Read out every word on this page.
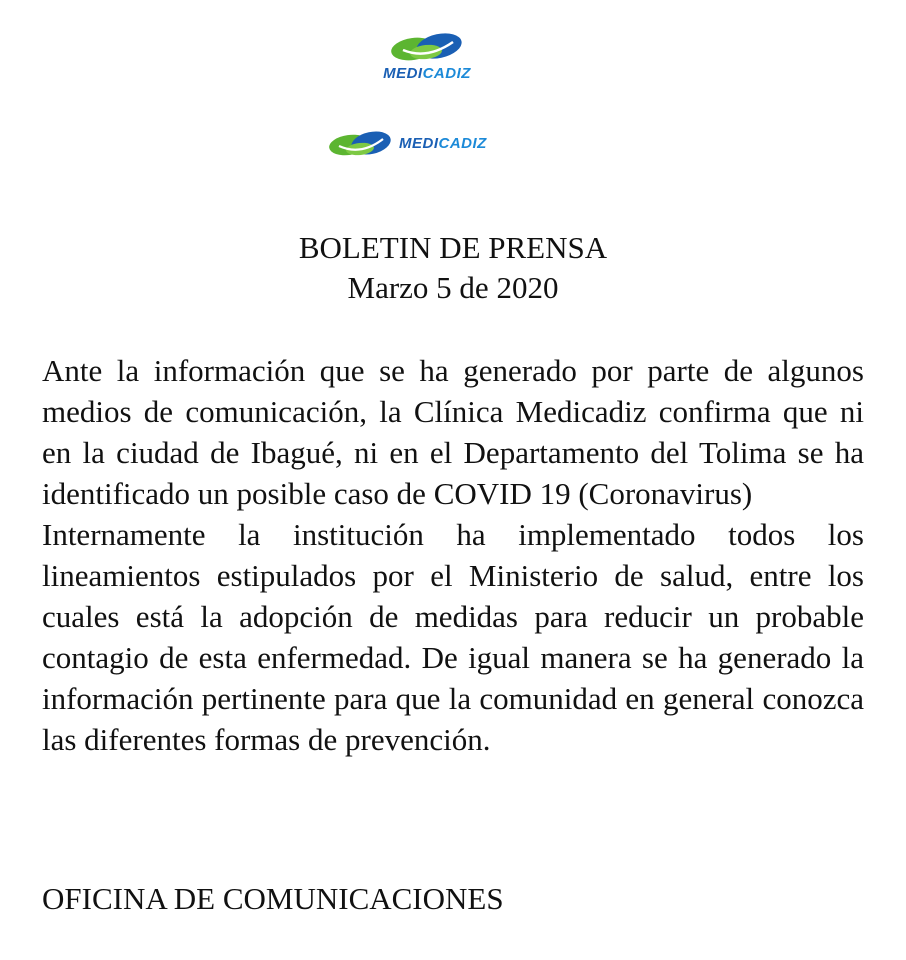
MEDICADIZ
MEDICADIZ
BOLETIN DE PRENSA
Marzo 5 de 2020

Ante la información que se ha generado por parte de algunos medios de comunicación, la Clínica Medicadiz confirma que ni en la ciudad de Ibagué, ni en el Departamento del Tolima se ha identificado un posible caso de COVID 19 (Coronavirus)

Internamente la institución ha implementado todos los lineamientos estipulados por el Ministerio de salud, entre los cuales está la adopción de medidas para reducir un probable contagio de esta enfermedad. De igual manera se ha generado la información pertinente para que la comunidad en general conozca las diferentes formas de prevención.

OFICINA DE COMUNICACIONES
